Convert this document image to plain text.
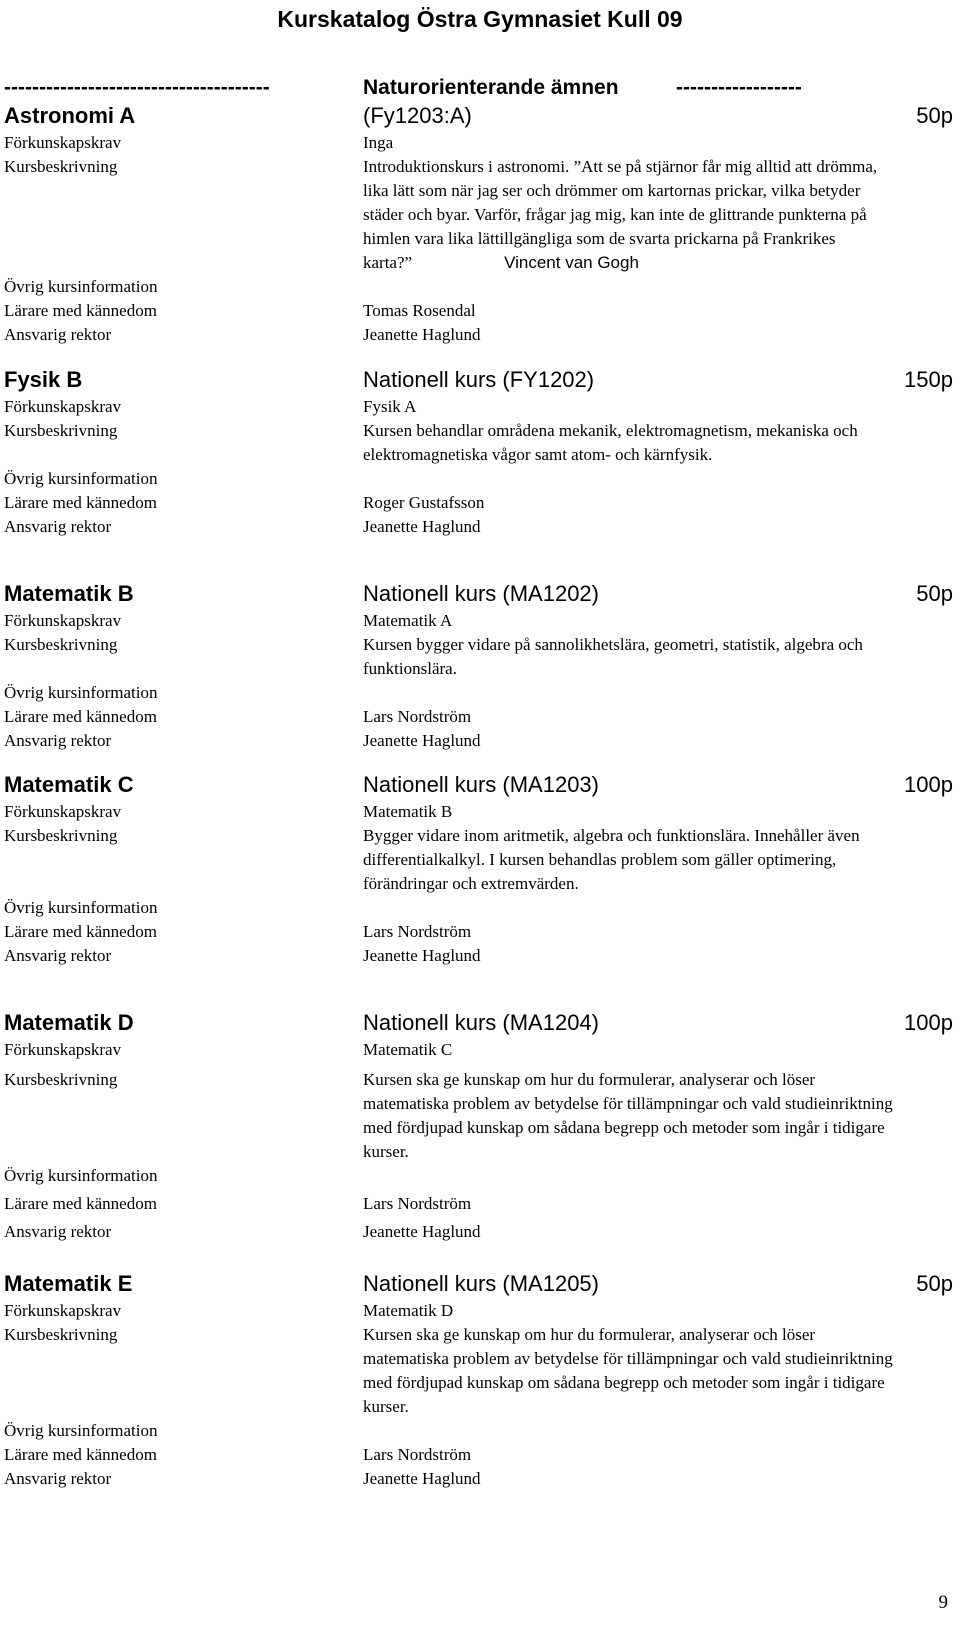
Kurskatalog Östra Gymnasiet Kull 09
--------------------------------------	Naturorienterande ämnen	------------------
Astronomi A	(Fy1203:A)	50p
Förkunskapskrav	Inga
Kursbeskrivning	Introduktionskurs i astronomi. ”Att se på stjärnor får mig alltid att drömma, lika lätt som när jag ser och drömmer om kartornas prickar, vilka betyder städer och byar. Varför, frågar jag mig, kan inte de glittrande punkterna på himlen vara lika lättillgängliga som de svarta prickarna på Frankrikes karta?”	Vincent van Gogh
Övrig kursinformation
Lärare med kännedom	Tomas Rosendal
Ansvarig rektor	Jeanette Haglund
Fysik B	Nationell kurs (FY1202)	150p
Förkunskapskrav	Fysik A
Kursbeskrivning	Kursen behandlar områdena mekanik, elektromagnetism, mekaniska och elektromagnetiska vågor samt atom- och kärnfysik.
Övrig kursinformation
Lärare med kännedom	Roger Gustafsson
Ansvarig rektor	Jeanette Haglund
Matematik B	Nationell kurs (MA1202)	50p
Förkunskapskrav	Matematik A
Kursbeskrivning	Kursen bygger vidare på sannolikhetslära, geometri, statistik, algebra och funktionslära.
Övrig kursinformation
Lärare med kännedom	Lars Nordström
Ansvarig rektor	Jeanette Haglund
Matematik C	Nationell kurs (MA1203)	100p
Förkunskapskrav	Matematik B
Kursbeskrivning	Bygger vidare inom aritmetik, algebra och funktionslära. Innehåller även differentialkalkyl. I kursen behandlas problem som gäller optimering, förändringar och extremvärden.
Övrig kursinformation
Lärare med kännedom	Lars Nordström
Ansvarig rektor	Jeanette Haglund
Matematik D	Nationell kurs (MA1204)	100p
Förkunskapskrav	Matematik C
Kursbeskrivning	Kursen ska ge kunskap om hur du formulerar, analyserar och löser matematiska problem av betydelse för tillämpningar och vald studieinriktning med fördjupad kunskap om sådana begrepp och metoder som ingår i tidigare kurser.
Övrig kursinformation
Lärare med kännedom	Lars Nordström
Ansvarig rektor	Jeanette Haglund
Matematik E	Nationell kurs (MA1205)	50p
Förkunskapskrav	Matematik D
Kursbeskrivning	Kursen ska ge kunskap om hur du formulerar, analyserar och löser matematiska problem av betydelse för tillämpningar och vald studieinriktning med fördjupad kunskap om sådana begrepp och metoder som ingår i tidigare kurser.
Övrig kursinformation
Lärare med kännedom	Lars Nordström
Ansvarig rektor	Jeanette Haglund
9
